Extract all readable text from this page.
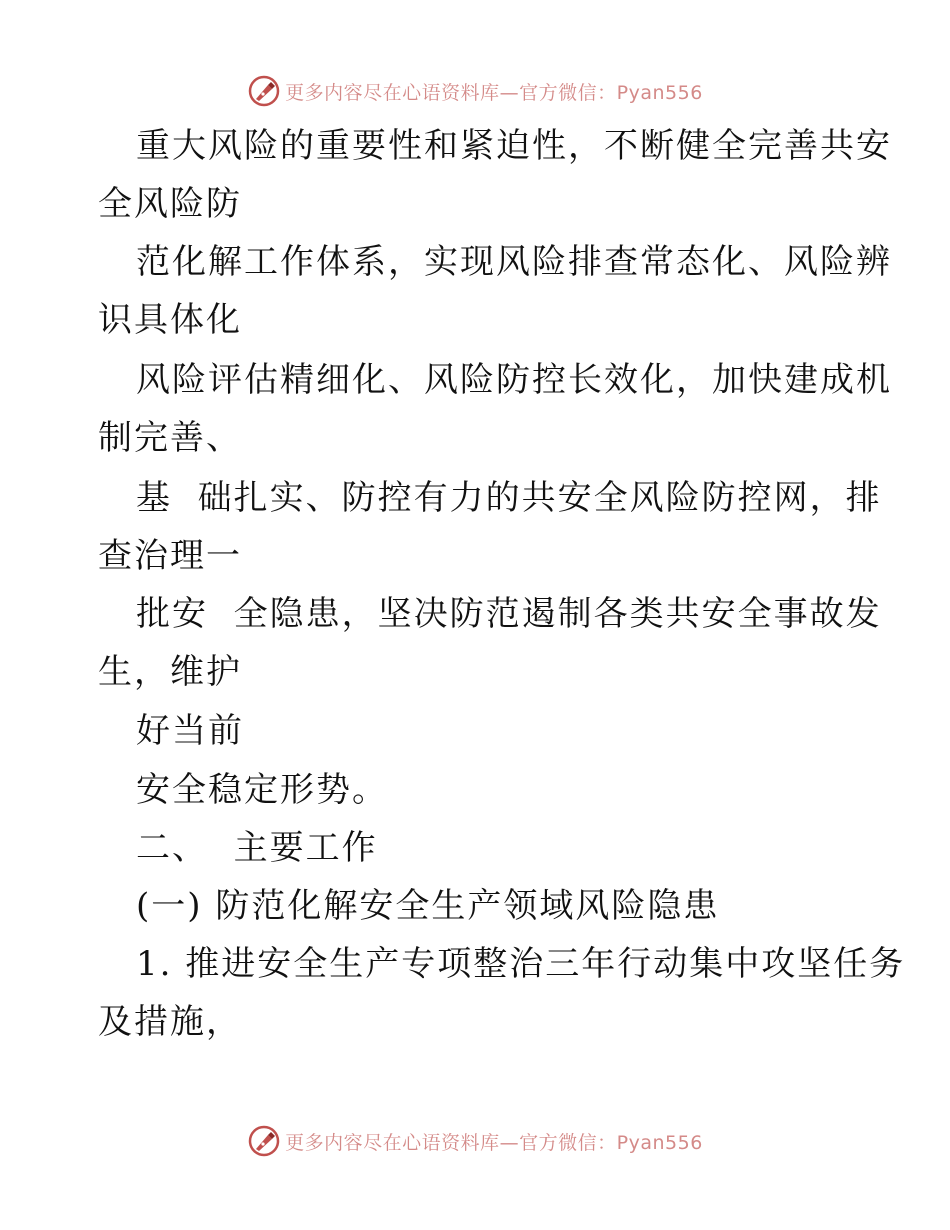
更多内容尽在心语资料库—官方微信：Pyan556
重大风险的重要性和紧迫性，不断健全完善共安
全风险防
范化解工作体系，实现风险排查常态化、风险辨
识具体化
风险评估精细化、风险防控长效化，加快建成机
制完善、
基  础扎实、防控有力的共安全风险防控网，排
查治理一
批安  全隐患，坚决防范遏制各类共安全事故发
生，维护
好当前
安全稳定形势。
二、  主要工作
(一) 防范化解安全生产领域风险隐患
1. 推进安全生产专项整治三年行动集中攻坚任务
及措施，
更多内容尽在心语资料库—官方微信：Pyan556
